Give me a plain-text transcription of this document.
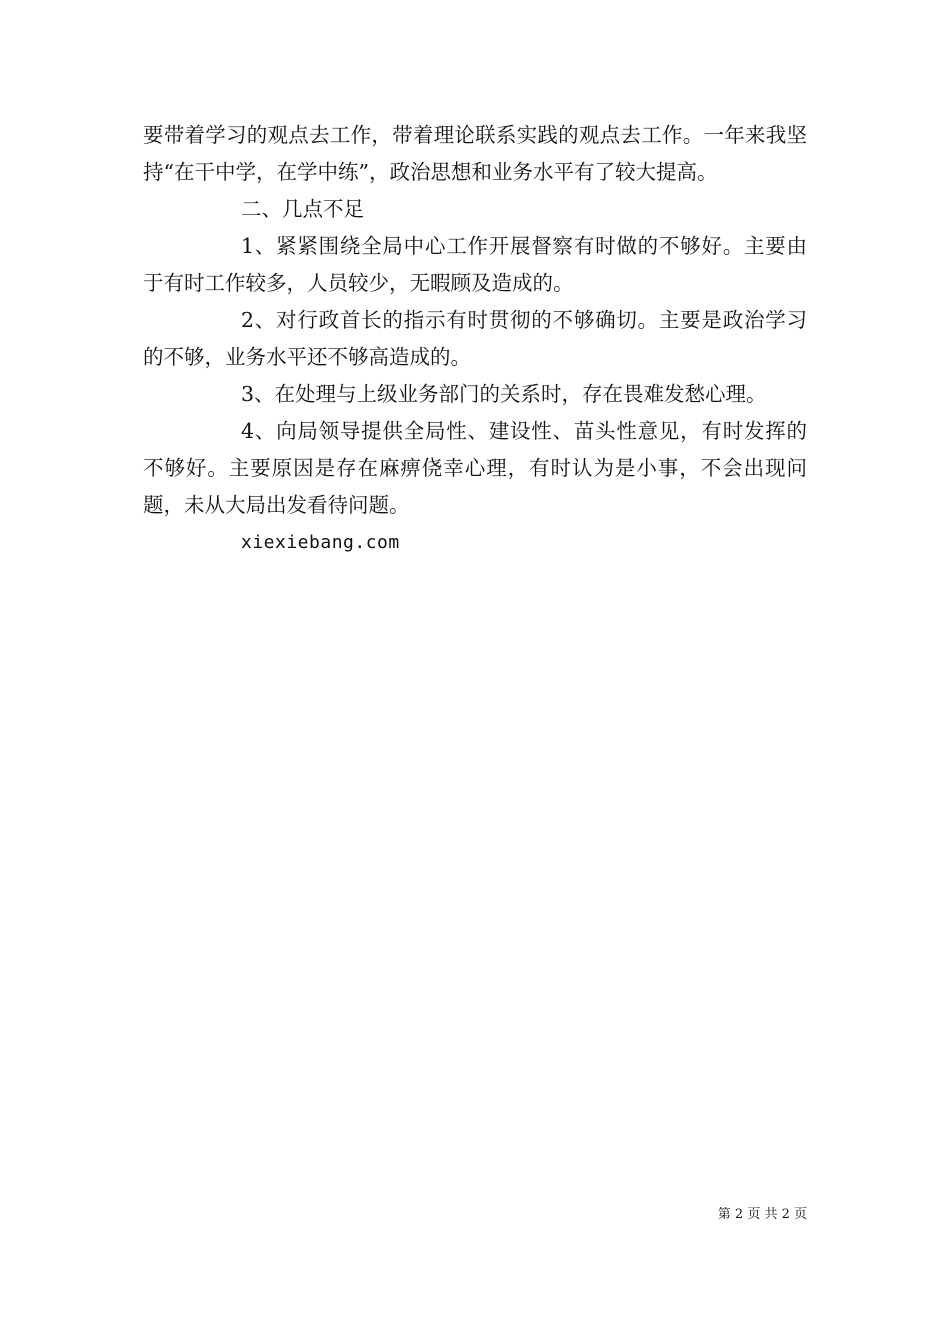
要带着学习的观点去工作，带着理论联系实践的观点去工作。一年来我坚持“在干中学，在学中练”，政治思想和业务水平有了较大提高。

二、几点不足

1、紧紧围绕全局中心工作开展督察有时做的不够好。主要由于有时工作较多，人员较少，无暇顾及造成的。

2、对行政首长的指示有时贯彻的不够确切。主要是政治学习的不够，业务水平还不够高造成的。

3、在处理与上级业务部门的关系时，存在畏难发愁心理。

4、向局领导提供全局性、建设性、苗头性意见，有时发挥的不够好。主要原因是存在麻痹侥幸心理，有时认为是小事，不会出现问题，未从大局出发看待问题。

xiexiebang.com

第 2 页 共 2 页
